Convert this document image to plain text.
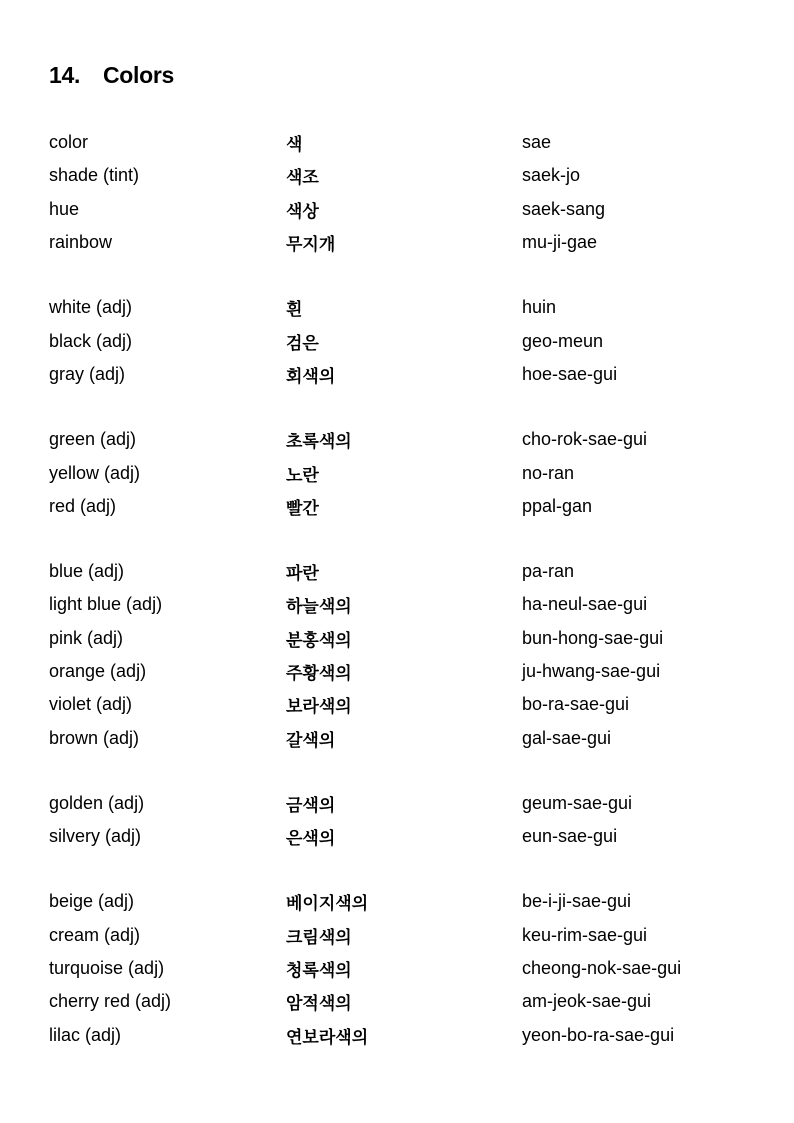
14. Colors
color	색	sae
shade (tint)	색조	saek-jo
hue	색상	saek-sang
rainbow	무지개	mu-ji-gae
white (adj)	흰	huin
black (adj)	검은	geo-meun
gray (adj)	회색의	hoe-sae-gui
green (adj)	초록색의	cho-rok-sae-gui
yellow (adj)	노란	no-ran
red (adj)	빨간	ppal-gan
blue (adj)	파란	pa-ran
light blue (adj)	하늘색의	ha-neul-sae-gui
pink (adj)	분홍색의	bun-hong-sae-gui
orange (adj)	주황색의	ju-hwang-sae-gui
violet (adj)	보라색의	bo-ra-sae-gui
brown (adj)	갈색의	gal-sae-gui
golden (adj)	금색의	geum-sae-gui
silvery (adj)	은색의	eun-sae-gui
beige (adj)	베이지색의	be-i-ji-sae-gui
cream (adj)	크림색의	keu-rim-sae-gui
turquoise (adj)	청록색의	cheong-nok-sae-gui
cherry red (adj)	암적색의	am-jeok-sae-gui
lilac (adj)	연보라색의	yeon-bo-ra-sae-gui
